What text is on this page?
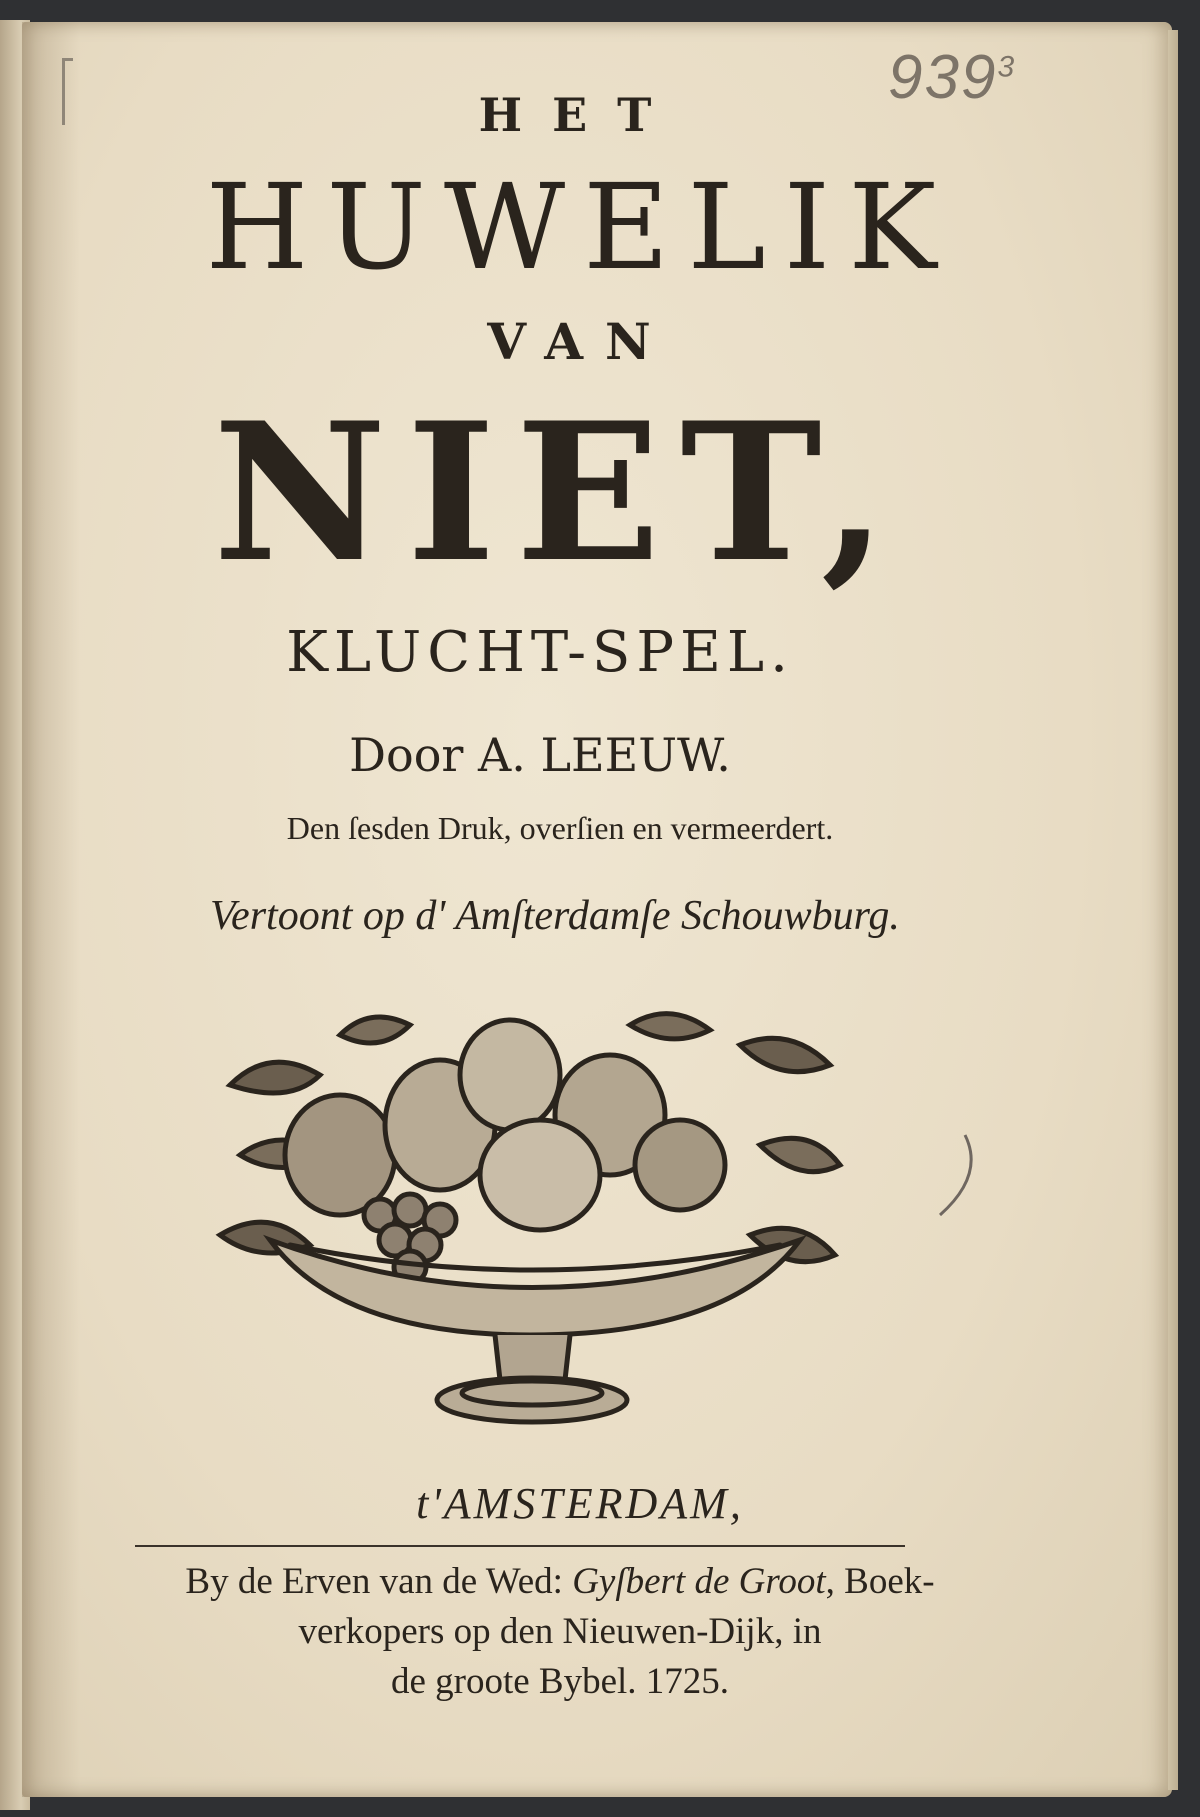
$939^3$
HET
HUWELIK
VAN
NIET,
KLUCHT-SPEL.
Door A. LEEUW.
Den ſesden Druk, overſien en vermeerdert.
Vertoont op d' Amſterdamſe Schouwburg.
t'AMSTERDAM,
By de Erven van de Wed: Gyſbert de Groot, Boek-
verkopers op den Nieuwen-Dijk, in
de groote Bybel. 1725.
